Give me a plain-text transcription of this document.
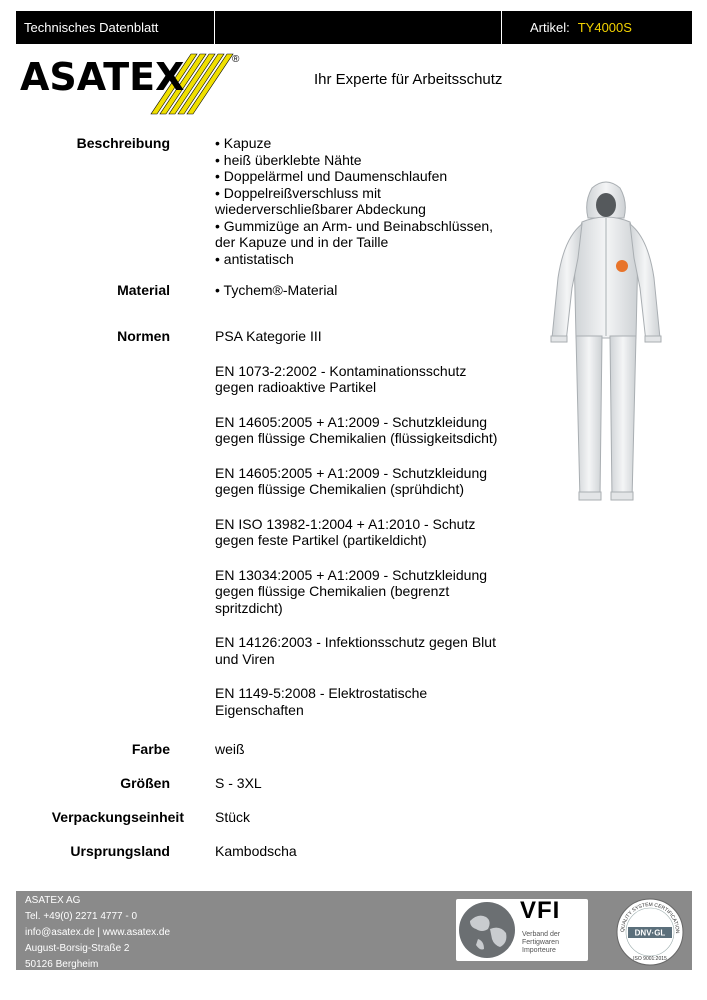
Technisches Datenblatt	Artikel: TY4000S
ASATEX	®
Ihr Experte für Arbeitsschutz
Beschreibung	• Kapuze

• heiß überklebte Nähte

• Doppelärmel und Daumenschlaufen

• Doppelreißverschluss mit

wiederverschließbarer Abdeckung

• Gummizüge an Arm- und Beinabschlüssen,

der Kapuze und in der Taille

• antistatisch

Material	• Tychem®-Material
Normen	PSA Kategorie III

EN 1073-2:2002 - Kontaminationsschutz

gegen radioaktive Partikel

EN 14605:2005 + A1:2009 - Schutzkleidung

gegen flüssige Chemikalien (flüssigkeitsdicht)

EN 14605:2005 + A1:2009 - Schutzkleidung

gegen flüssige Chemikalien (sprühdicht)

EN ISO 13982-1:2004 + A1:2010 - Schutz

gegen feste Partikel (partikeldicht)

EN 13034:2005 + A1:2009 - Schutzkleidung

gegen flüssige Chemikalien (begrenzt

spritzdicht)

EN 14126:2003 - Infektionsschutz gegen Blut

und Viren

EN 1149-5:2008 - Elektrostatische

Eigenschaften

Farbe	weiß
Größen	S - 3XL
Verpackungseinheit Stück
Ursprungsland	Kambodscha
ASATEX AG
Tel. +49(0) 2271 4777 - 0
info@asatex.de | www.asatex.de
August-Borsig-Straße 2
50126 Bergheim
VFI
Verband der
Fertigwaren
Importeure
QUALITY SYSTEM CERTIFICATION
DNV·GL
ISO 9001:2015
